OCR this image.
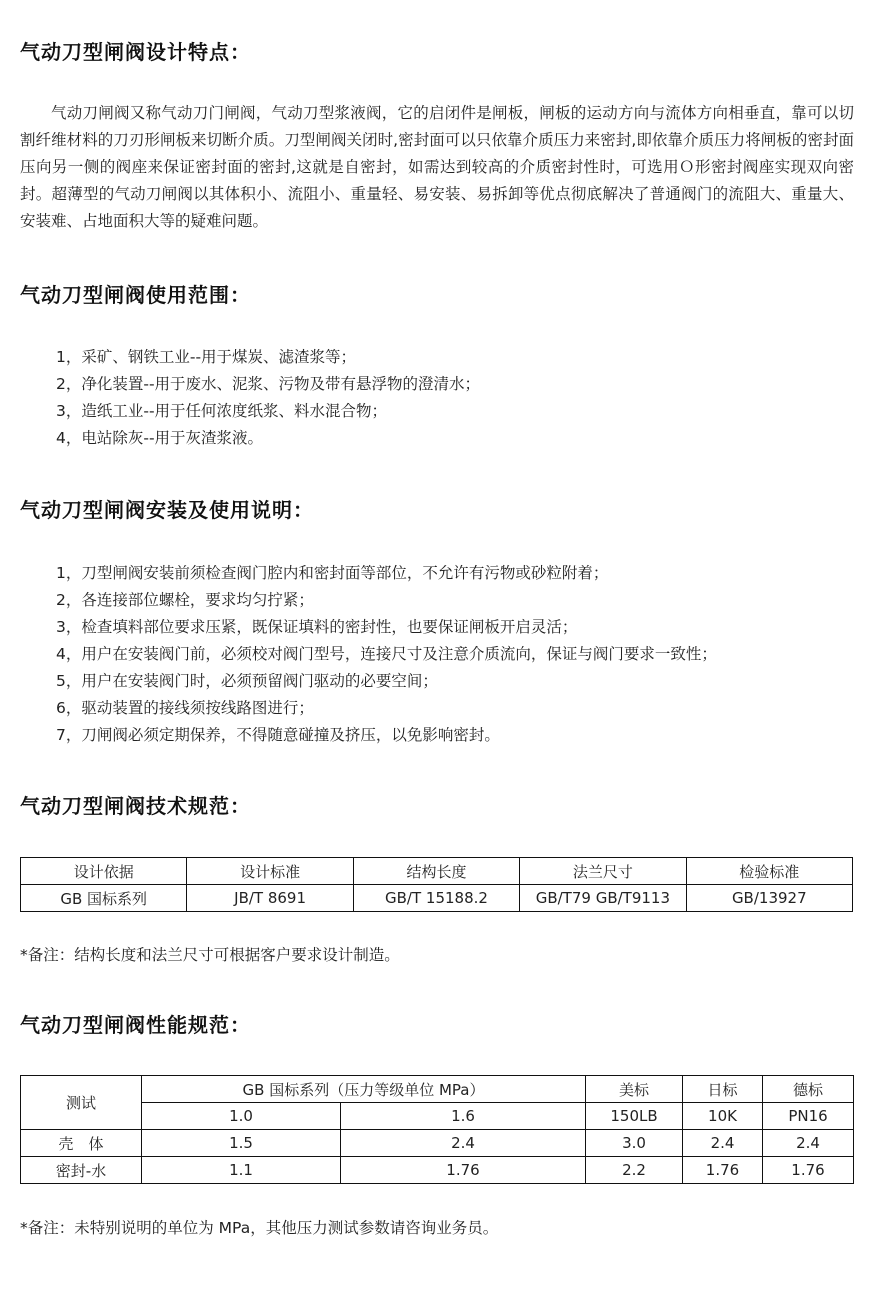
气动刀型闸阀设计特点：

气动刀闸阀又称气动刀门闸阀，气动刀型浆液阀，它的启闭件是闸板，闸板的运动方向与流体方向相垂直，靠可以切割纤维材料的刀刃形闸板来切断介质。刀型闸阀关闭时,密封面可以只依靠介质压力来密封,即依靠介质压力将闸板的密封面压向另一侧的阀座来保证密封面的密封,这就是自密封，如需达到较高的介质密封性时，可选用Ｏ形密封阀座实现双向密封。超薄型的气动刀闸阀以其体积小、流阻小、重量轻、易安装、易拆卸等优点彻底解决了普通阀门的流阻大、重量大、安装难、占地面积大等的疑难问题。

气动刀型闸阀使用范围：
1，采矿、钢铁工业--用于煤炭、滤渣浆等；
2，净化装置--用于废水、泥浆、污物及带有悬浮物的澄清水；
3，造纸工业--用于任何浓度纸浆、料水混合物；
4，电站除灰--用于灰渣浆液。
气动刀型闸阀安装及使用说明：
1，刀型闸阀安装前须检查阀门腔内和密封面等部位，不允许有污物或砂粒附着；
2，各连接部位螺栓，要求均匀拧紧；
3，检查填料部位要求压紧，既保证填料的密封性，也要保证闸板开启灵活；
4，用户在安装阀门前，必须校对阀门型号，连接尺寸及注意介质流向，保证与阀门要求一致性；
5，用户在安装阀门时，必须预留阀门驱动的必要空间；
6，驱动装置的接线须按线路图进行；
7，刀闸阀必须定期保养，不得随意碰撞及挤压，以免影响密封。
气动刀型闸阀技术规范：
设计依据	设计标准	结构长度	法兰尺寸	检验标准
GB 国标系列	JB/T 8691	GB/T 15188.2	GB/T79 GB/T9113	GB/13927

*备注：结构长度和法兰尺寸可根据客户要求设计制造。

气动刀型闸阀性能规范：
测试	GB 国标系列（压力等级单位 MPa）		美标	日标	德标
	1.0	1.6	150LB	10K	PN16
壳　体	1.5	2.4	3.0	2.4	2.4
密封-水	1.1	1.76	2.2	1.76	1.76

*备注：未特别说明的单位为 MPa，其他压力测试参数请咨询业务员。
